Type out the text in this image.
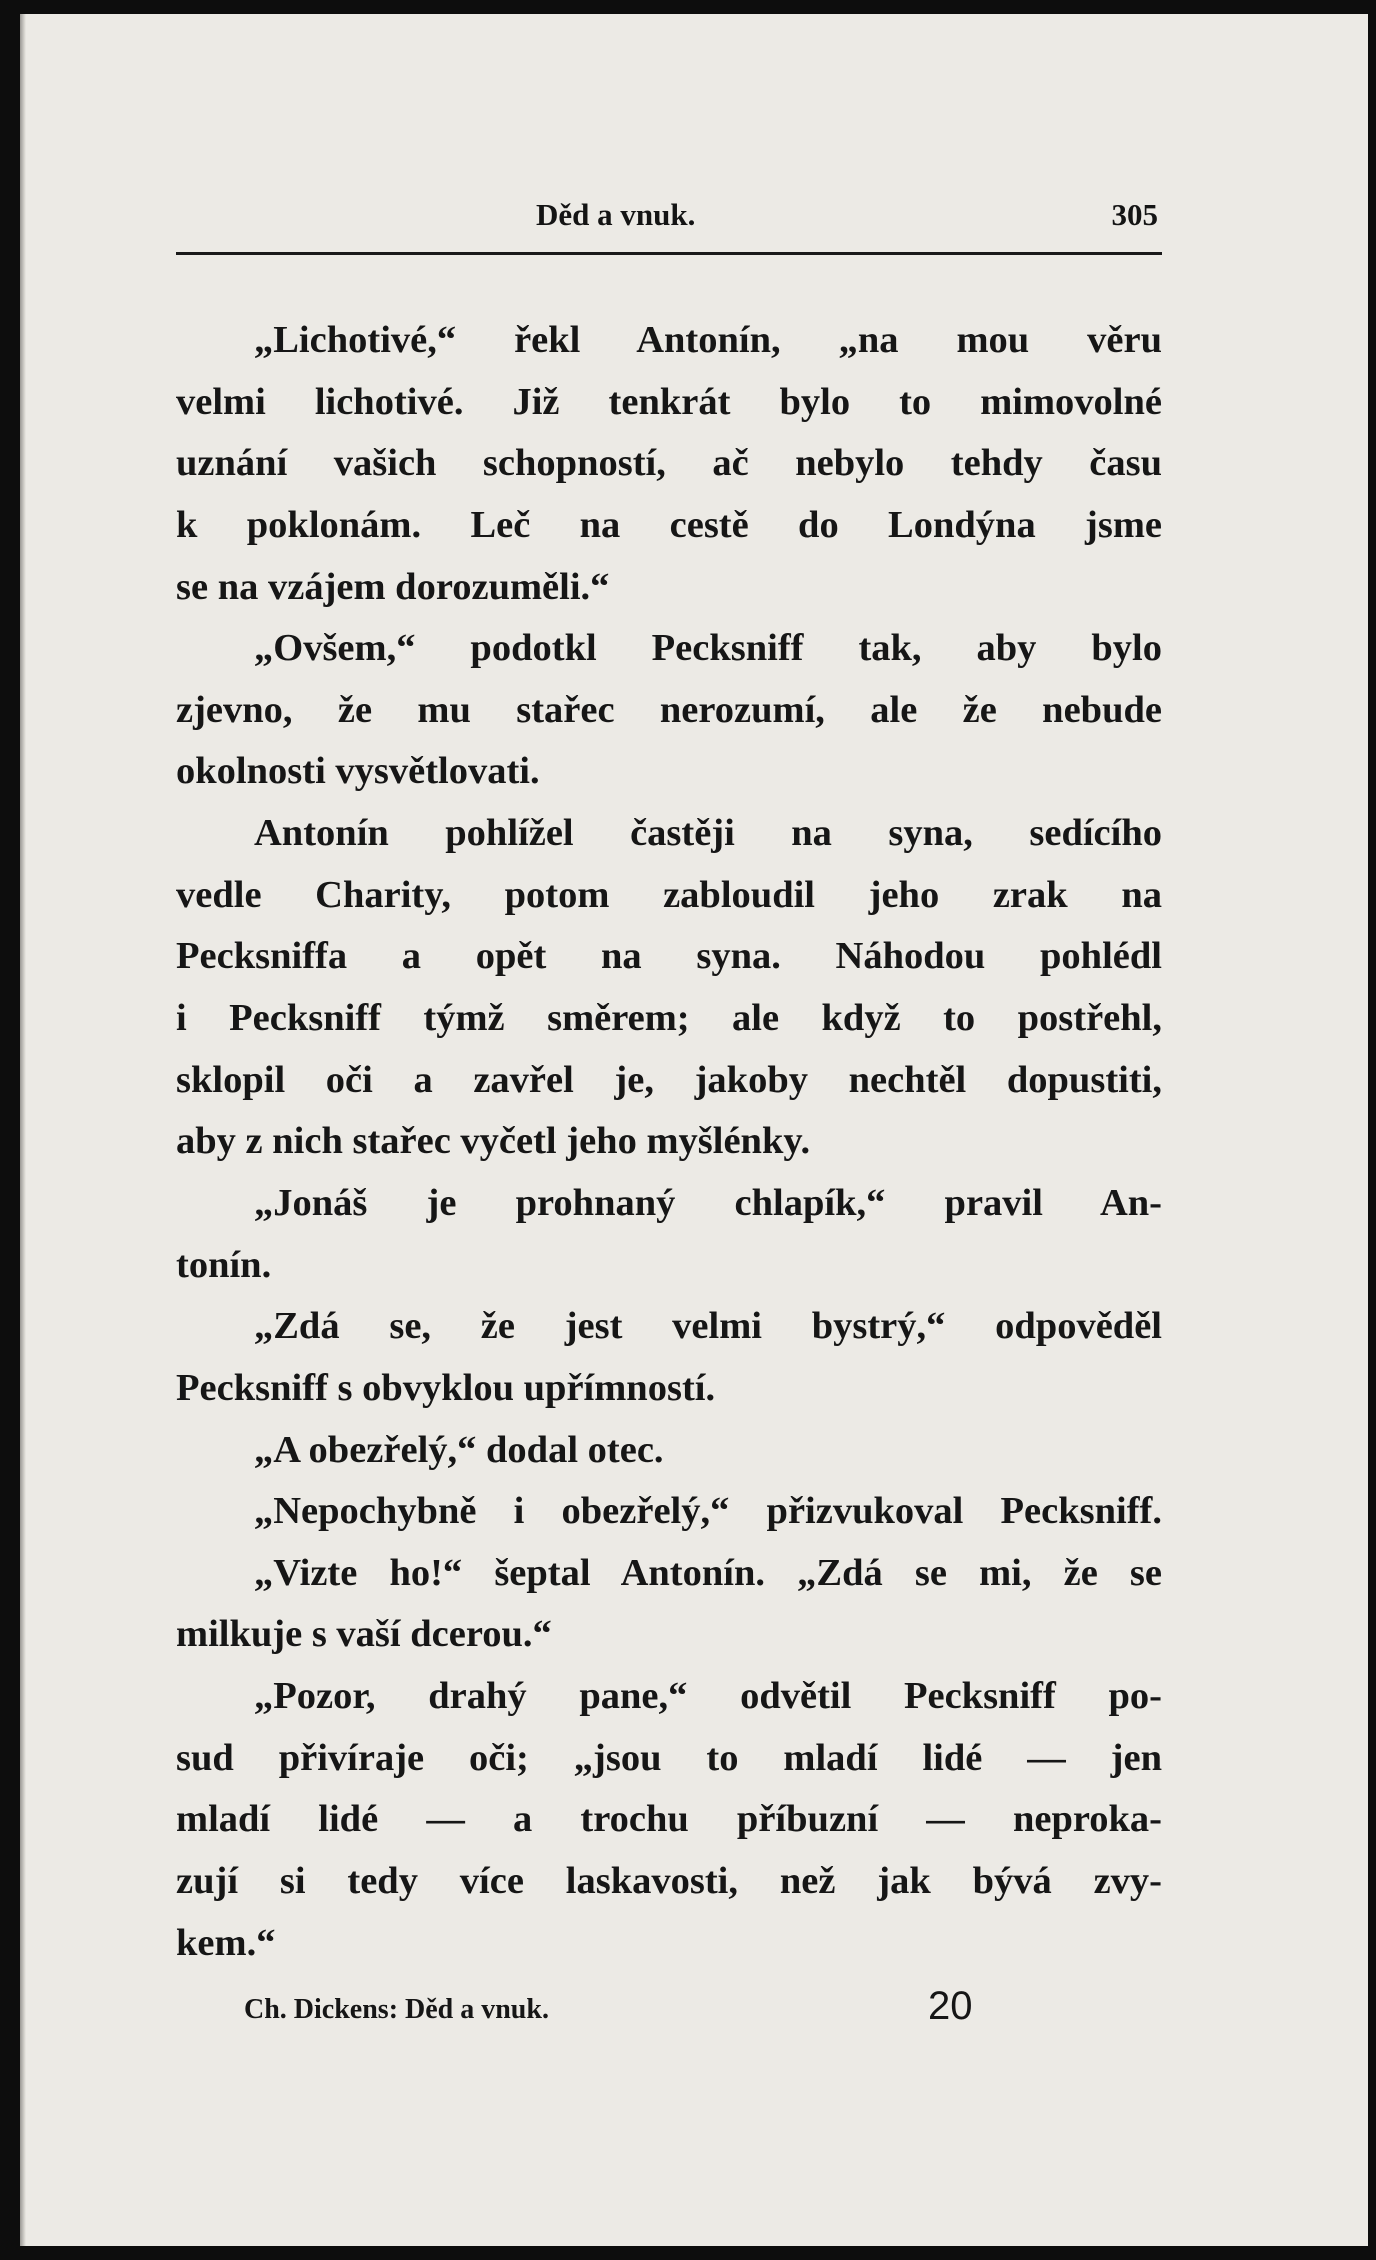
Děd a vnuk.	305
„Lichotivé,“ řekl Antonín, „na mou věru
velmi lichotivé. Již tenkrát bylo to mimovolné
uznání vašich schopností, ač nebylo tehdy času
k poklonám. Leč na cestě do Londýna jsme
se na vzájem dorozuměli.“
„Ovšem,“ podotkl Pecksniff tak, aby bylo
zjevno, že mu stařec nerozumí, ale že nebude
okolnosti vysvětlovati.
Antonín pohlížel častěji na syna, sedícího
vedle Charity, potom zabloudil jeho zrak na
Pecksniffa a opět na syna. Náhodou pohlédl
i Pecksniff týmž směrem; ale když to postřehl,
sklopil oči a zavřel je, jakoby nechtěl dopustiti,
aby z nich stařec vyčetl jeho myšlénky.
„Jonáš je prohnaný chlapík,“ pravil An-
tonín.
„Zdá se, že jest velmi bystrý,“ odpověděl
Pecksniff s obvyklou upřímností.
„A obezřelý,“ dodal otec.
„Nepochybně i obezřelý,“ přizvukoval Pecksniff.
„Vizte ho!“ šeptal Antonín. „Zdá se mi, že se
milkuje s vaší dcerou.“
„Pozor, drahý pane,“ odvětil Pecksniff po-
sud přivíraje oči; „jsou to mladí lidé — jen
mladí lidé — a trochu příbuzní — neproka-
zují si tedy více laskavosti, než jak bývá zvy-
kem.“
Ch. Dickens: Děd a vnuk.	20
